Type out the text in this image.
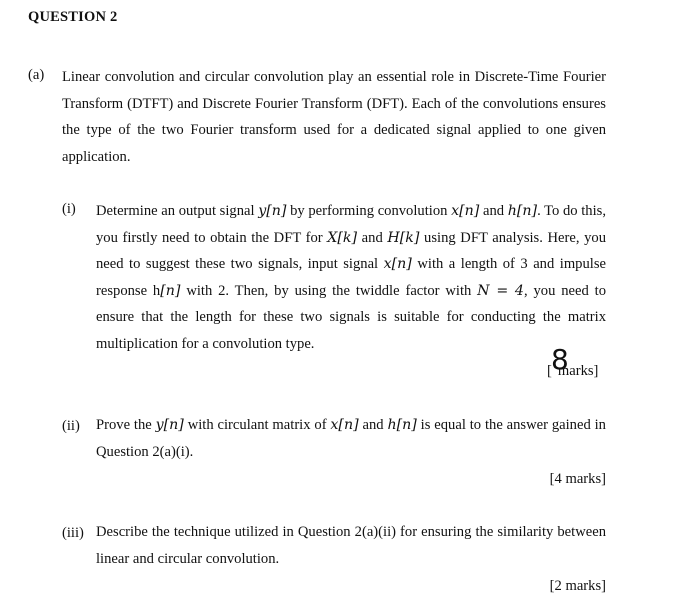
QUESTION 2
(a) Linear convolution and circular convolution play an essential role in Discrete-Time Fourier Transform (DTFT) and Discrete Fourier Transform (DFT). Each of the convolutions ensures the type of the two Fourier transform used for a dedicated signal applied to one given application.
(i) Determine an output signal y[n] by performing convolution x[n] and h[n]. To do this, you firstly need to obtain the DFT for X[k] and H[k] using DFT analysis. Here, you need to suggest these two signals, input signal x[n] with a length of 3 and impulse response h[n] with 2. Then, by using the twiddle factor with N = 4, you need to ensure that the length for these two signals is suitable for conducting the matrix multiplication for a convolution type.
[ marks]
8
(ii) Prove the y[n] with circulant matrix of x[n] and h[n] is equal to the answer gained in Question 2(a)(i).
[4 marks]
(iii) Describe the technique utilized in Question 2(a)(ii) for ensuring the similarity between linear and circular convolution.
[2 marks]
